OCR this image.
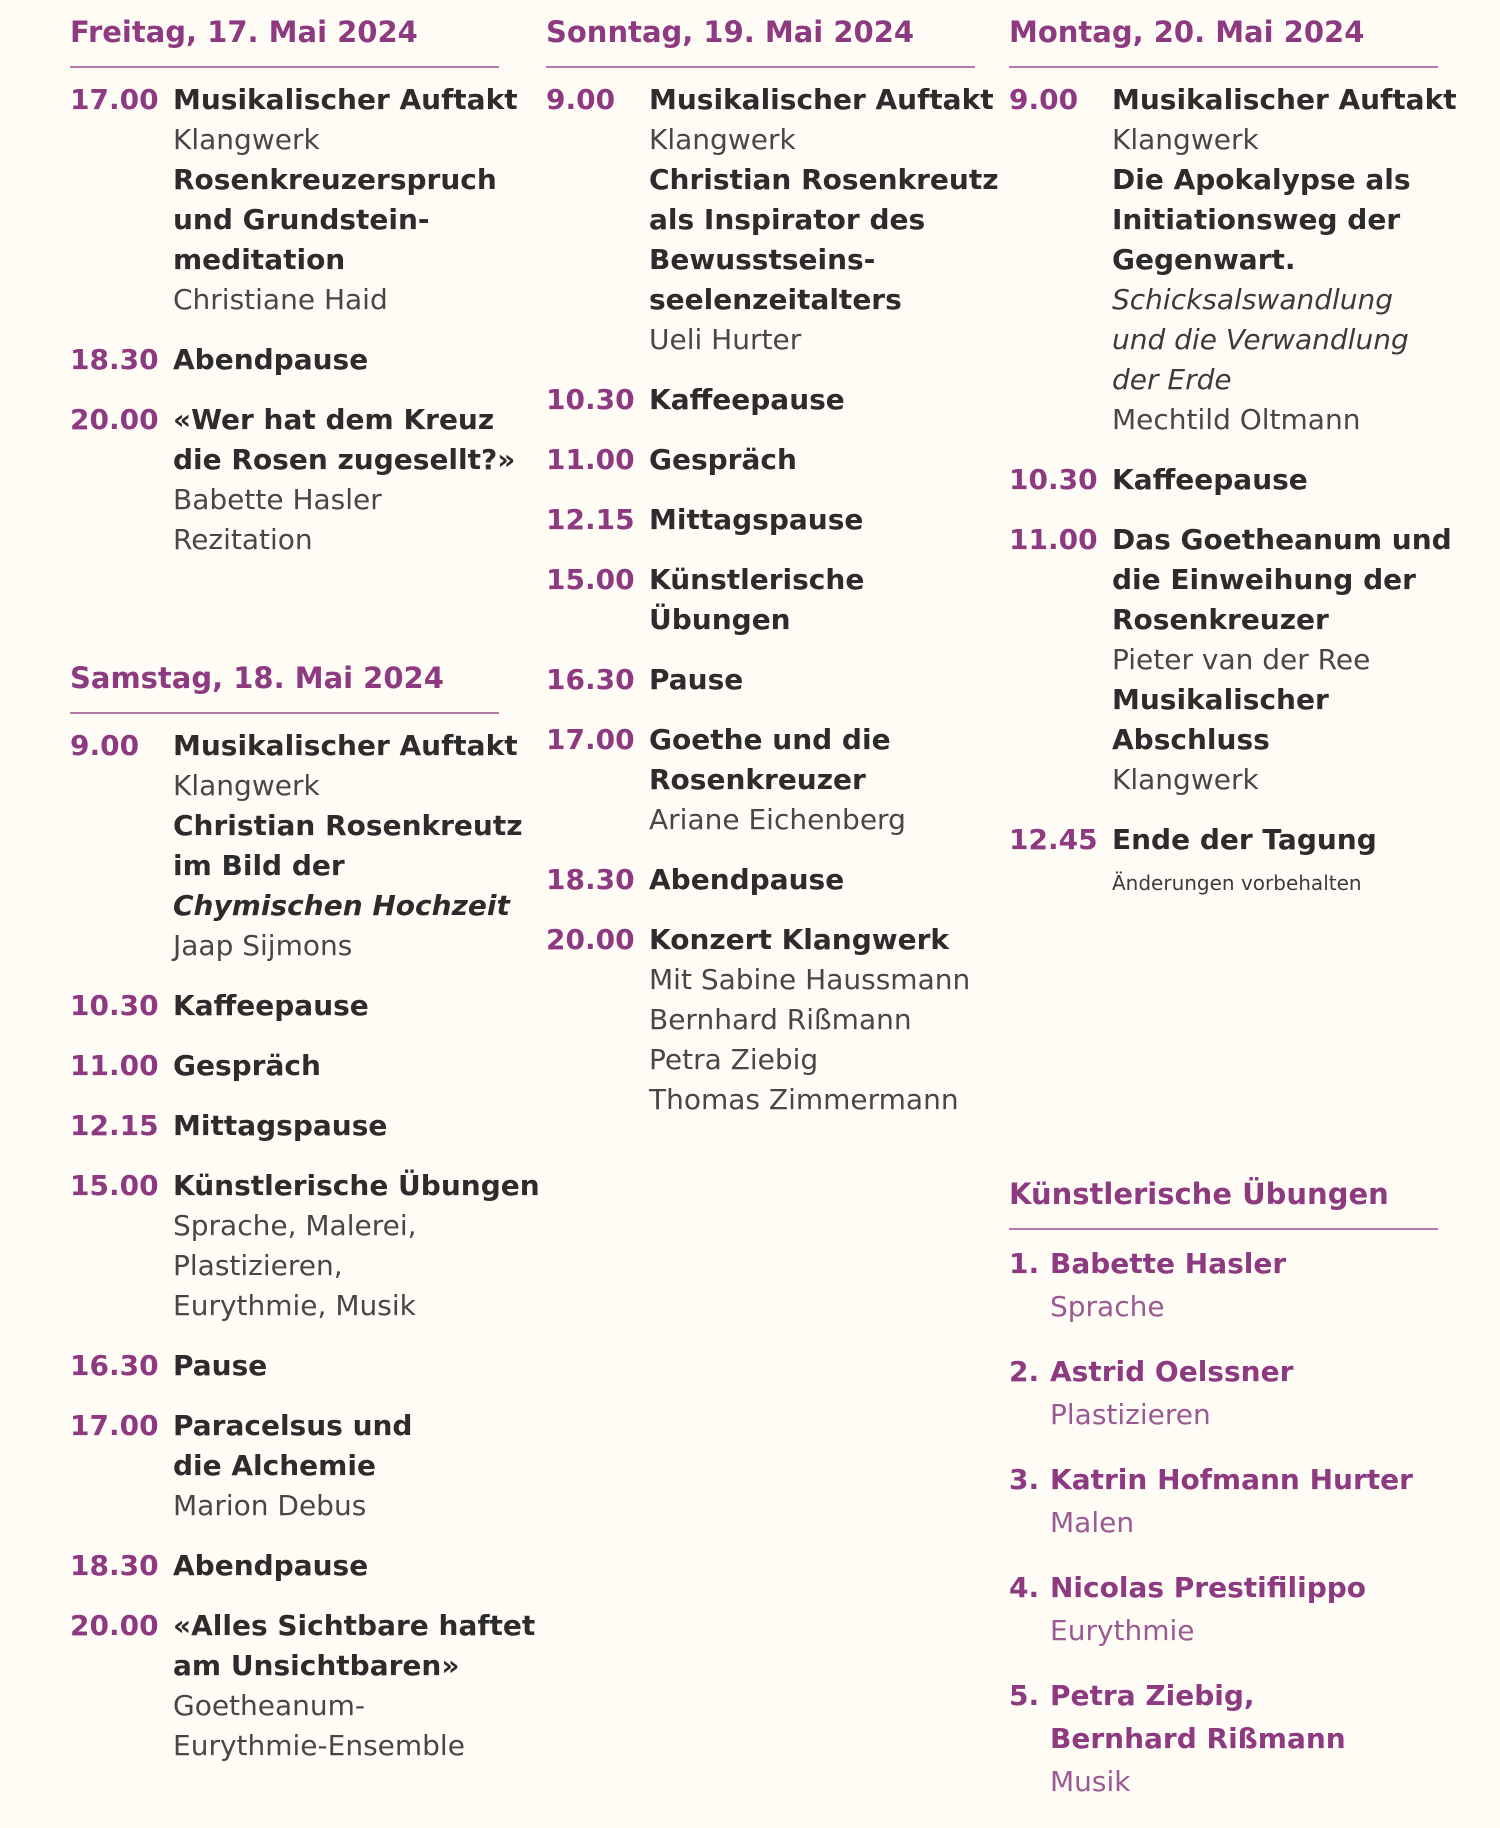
Freitag, 17. Mai 2024
17.00 Musikalischer Auftakt
Klangwerk
Rosenkreuzerspruch
und Grundstein-
meditation
Christiane Haid
18.30 Abendpause
20.00 «Wer hat dem Kreuz
die Rosen zugesellt?»
Babette Hasler
Rezitation
Samstag, 18. Mai 2024
9.00	Musikalischer Auftakt
Klangwerk
Christian Rosenkreutz
im Bild der
Chymischen Hochzeit
Jaap Sijmons
10.30 Kaffeepause
11.00 Gespräch
12.15 Mittagspause
15.00 Künstlerische Übungen
Sprache, Malerei,
Plastizieren,
Eurythmie, Musik
16.30 Pause
17.00 Paracelsus und
die Alchemie
Marion Debus
18.30 Abendpause
20.00 «Alles Sichtbare haftet
am Unsichtbaren»
Goetheanum-
Eurythmie-Ensemble
Sonntag, 19. Mai 2024
9.00	Musikalischer Auftakt
Klangwerk
Christian Rosenkreutz
als Inspirator des
Bewusstseins-
seelenzeitalters
Ueli Hurter
10.30 Kaffeepause
11.00 Gespräch
12.15 Mittagspause
15.00 Künstlerische
Übungen
16.30 Pause
17.00 Goethe und die
Rosenkreuzer
Ariane Eichenberg
18.30 Abendpause
20.00 Konzert Klangwerk
Mit Sabine Haussmann
Bernhard Rißmann
Petra Ziebig
Thomas Zimmermann
Montag, 20. Mai 2024
9.00	Musikalischer Auftakt
Klangwerk
Die Apokalypse als
Initiationsweg der
Gegenwart.
Schicksalswandlung
und die Verwandlung
der Erde
Mechtild Oltmann
10.30 Kaffeepause
11.00 Das Goetheanum und
die Einweihung der
Rosenkreuzer
Pieter van der Ree
Musikalischer
Abschluss
Klangwerk
12.45 Ende der Tagung
Änderungen vorbehalten
Künstlerische Übungen
1. Babette Hasler
Sprache
2. Astrid Oelssner
Plastizieren
3. Katrin Hofmann Hurter
Malen
4. Nicolas Prestifilippo
Eurythmie
5. Petra Ziebig,
Bernhard Rißmann
Musik
